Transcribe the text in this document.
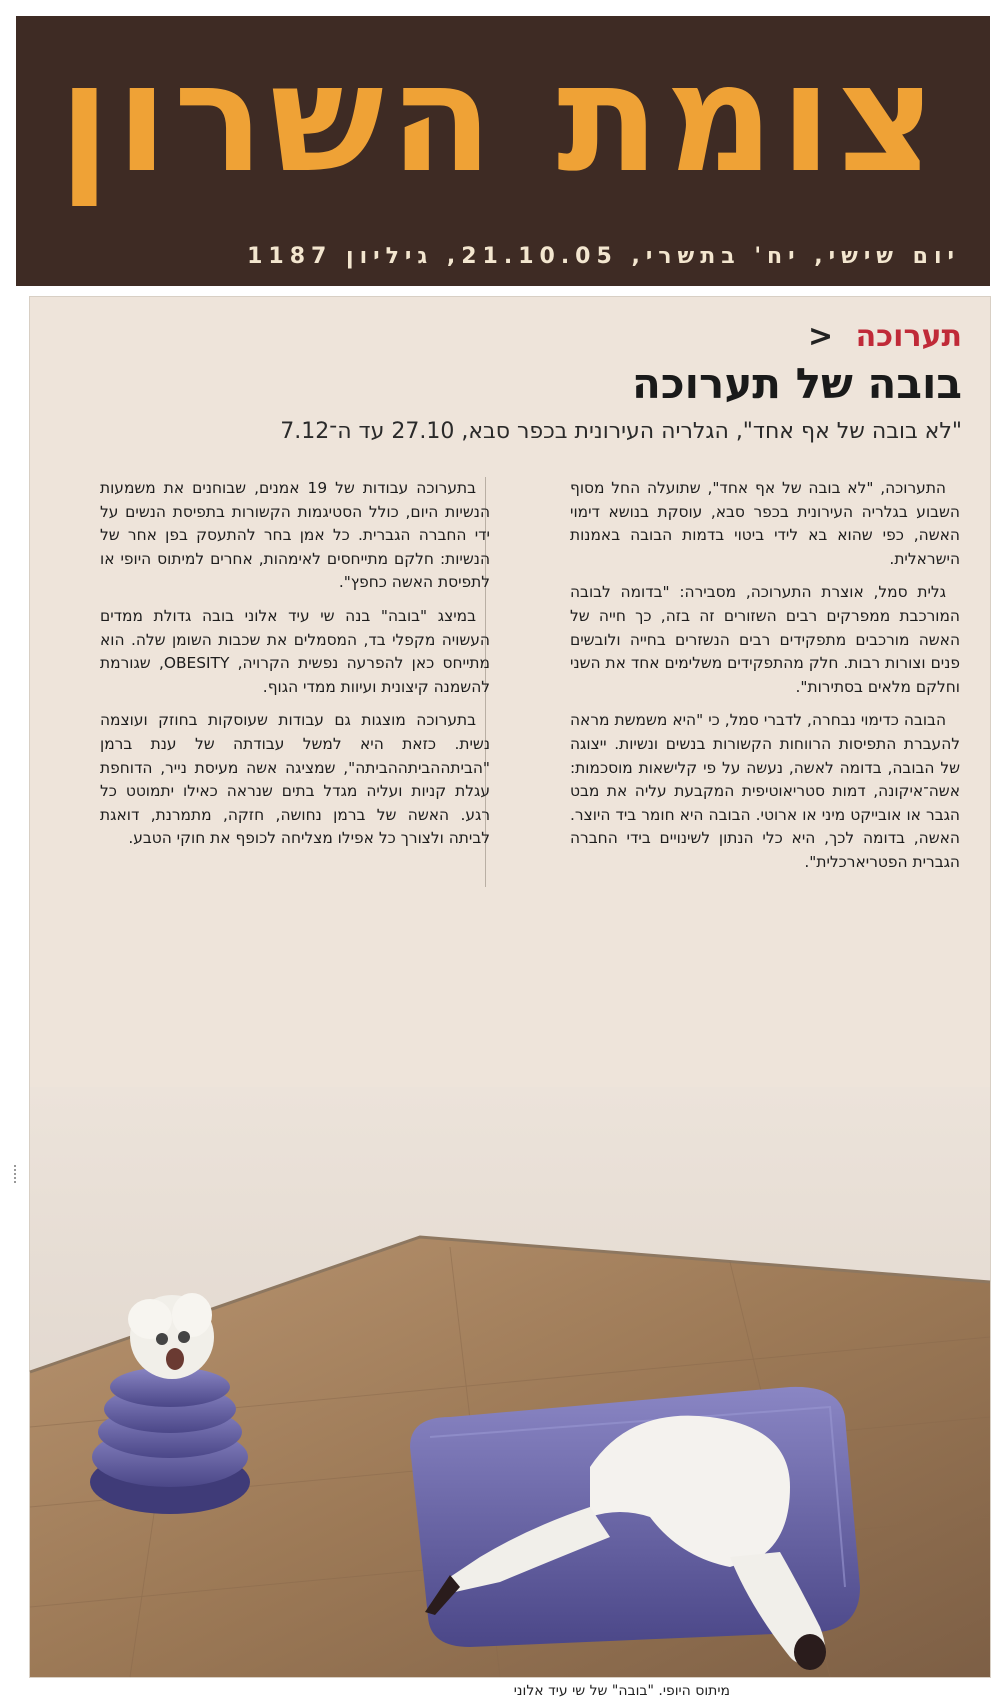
צומת השרון
יום שישי, יח' בתשרי, 21.10.05, גיליון 1187
תערוכה <
בובה של תערוכה
"לא בובה של אף אחד", הגלריה העירונית בכפר סבא, 27.10 עד ה־7.12

התערוכה, "לא בובה של אף אחד", שתועלה החל מסוף השבוע בגלריה העירונית בכפר סבא, עוסקת בנושא דימוי האשה, כפי שהוא בא לידי ביטוי בדמות הבובה באמנות הישראלית.

גלית סמל, אוצרת התערוכה, מסבירה: "בדומה לבובה המורכבת ממפרקים רבים השזורים זה בזה, כך חייה של האשה מורכבים מתפקידים רבים הנשזרים בחייה ולובשים פנים וצורות רבות. חלק מהתפקידים משלימים אחד את השני וחלקם מלאים בסתירות".

הבובה כדימוי נבחרה, לדברי סמל, כי "היא משמשת מראה להעברת התפיסות הרווחות הקשורות בנשים ונשיות. ייצוגה של הבובה, בדומה לאשה, נעשה על פי קלישאות מוסכמות: אשה־איקונה, דמות סטריאוטיפית המקבעת עליה את מבט הגבר או אובייקט מיני או ארוטי. הבובה היא חומר ביד היוצר. האשה, בדומה לכך, היא כלי הנתון לשינויים בידי החברה הגברית הפטריארכלית".

בתערוכה עבודות של 19 אמנים, שבוחנים את משמעות הנשיות היום, כולל הסטיגמות הקשורות בתפיסת הנשים על ידי החברה הגברית. כל אמן בחר להתעסק בפן אחר של הנשיות: חלקם מתייחסים לאימהות, אחרים למיתוס היופי או לתפיסת האשה כחפץ".

במיצג "בובה" בנה שי עיד אלוני בובה גדולת ממדים העשויה מקפלי בד, המסמלים את שכבות השומן שלה. הוא מתייחס כאן להפרעה נפשית הקרויה, OBESITY, שגורמת להשמנה קיצונית ועיוות ממדי הגוף.

בתערוכה מוצגות גם עבודות שעוסקות בחוזק ועוצמה נשית. כזאת היא למשל עבודתה של ענת ברמן "הביתההביתההביתה", שמציגה אשה מעיסת נייר, הדוחפת עגלת קניות ועליה מגדל בתים שנראה כאילו יתמוטט כל רגע. האשה של ברמן נחושה, חזקה, מתמרנת, דואגת לביתה ולצורך כל אפילו מצליחה לכופף את חוקי הטבע.

מיתוס היופי. "בובה" של שי עיד אלוני
